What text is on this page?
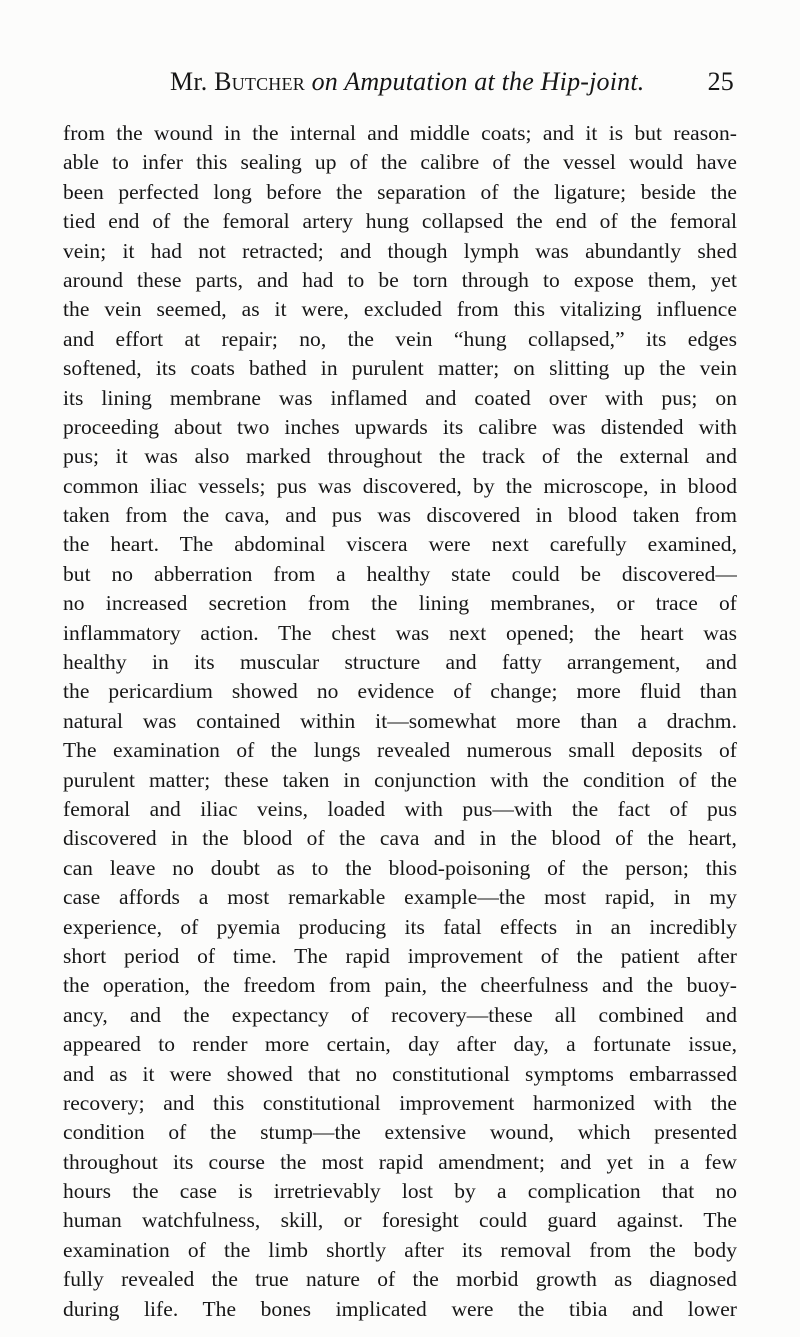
Mr. Butcher on Amputation at the Hip-joint. 25
from the wound in the internal and middle coats; and it is but reason-
able to infer this sealing up of the calibre of the vessel would have
been perfected long before the separation of the ligature; beside the
tied end of the femoral artery hung collapsed the end of the femoral
vein; it had not retracted; and though lymph was abundantly shed
around these parts, and had to be torn through to expose them, yet
the vein seemed, as it were, excluded from this vitalizing influence
and effort at repair; no, the vein “hung collapsed,” its edges
softened, its coats bathed in purulent matter; on slitting up the vein
its lining membrane was inflamed and coated over with pus; on
proceeding about two inches upwards its calibre was distended with
pus; it was also marked throughout the track of the external and
common iliac vessels; pus was discovered, by the microscope, in blood
taken from the cava, and pus was discovered in blood taken from
the heart. The abdominal viscera were next carefully examined,
but no abberration from a healthy state could be discovered—
no increased secretion from the lining membranes, or trace of
inflammatory action. The chest was next opened; the heart was
healthy in its muscular structure and fatty arrangement, and
the pericardium showed no evidence of change; more fluid than
natural was contained within it—somewhat more than a drachm.
The examination of the lungs revealed numerous small deposits of
purulent matter; these taken in conjunction with the condition of the
femoral and iliac veins, loaded with pus—with the fact of pus
discovered in the blood of the cava and in the blood of the heart,
can leave no doubt as to the blood-poisoning of the person; this
case affords a most remarkable example—the most rapid, in my
experience, of pyemia producing its fatal effects in an incredibly
short period of time. The rapid improvement of the patient after
the operation, the freedom from pain, the cheerfulness and the buoy-
ancy, and the expectancy of recovery—these all combined and
appeared to render more certain, day after day, a fortunate issue,
and as it were showed that no constitutional symptoms embarrassed
recovery; and this constitutional improvement harmonized with the
condition of the stump—the extensive wound, which presented
throughout its course the most rapid amendment; and yet in a few
hours the case is irretrievably lost by a complication that no
human watchfulness, skill, or foresight could guard against. The
examination of the limb shortly after its removal from the body
fully revealed the true nature of the morbid growth as diagnosed
during life. The bones implicated were the tibia and lower
